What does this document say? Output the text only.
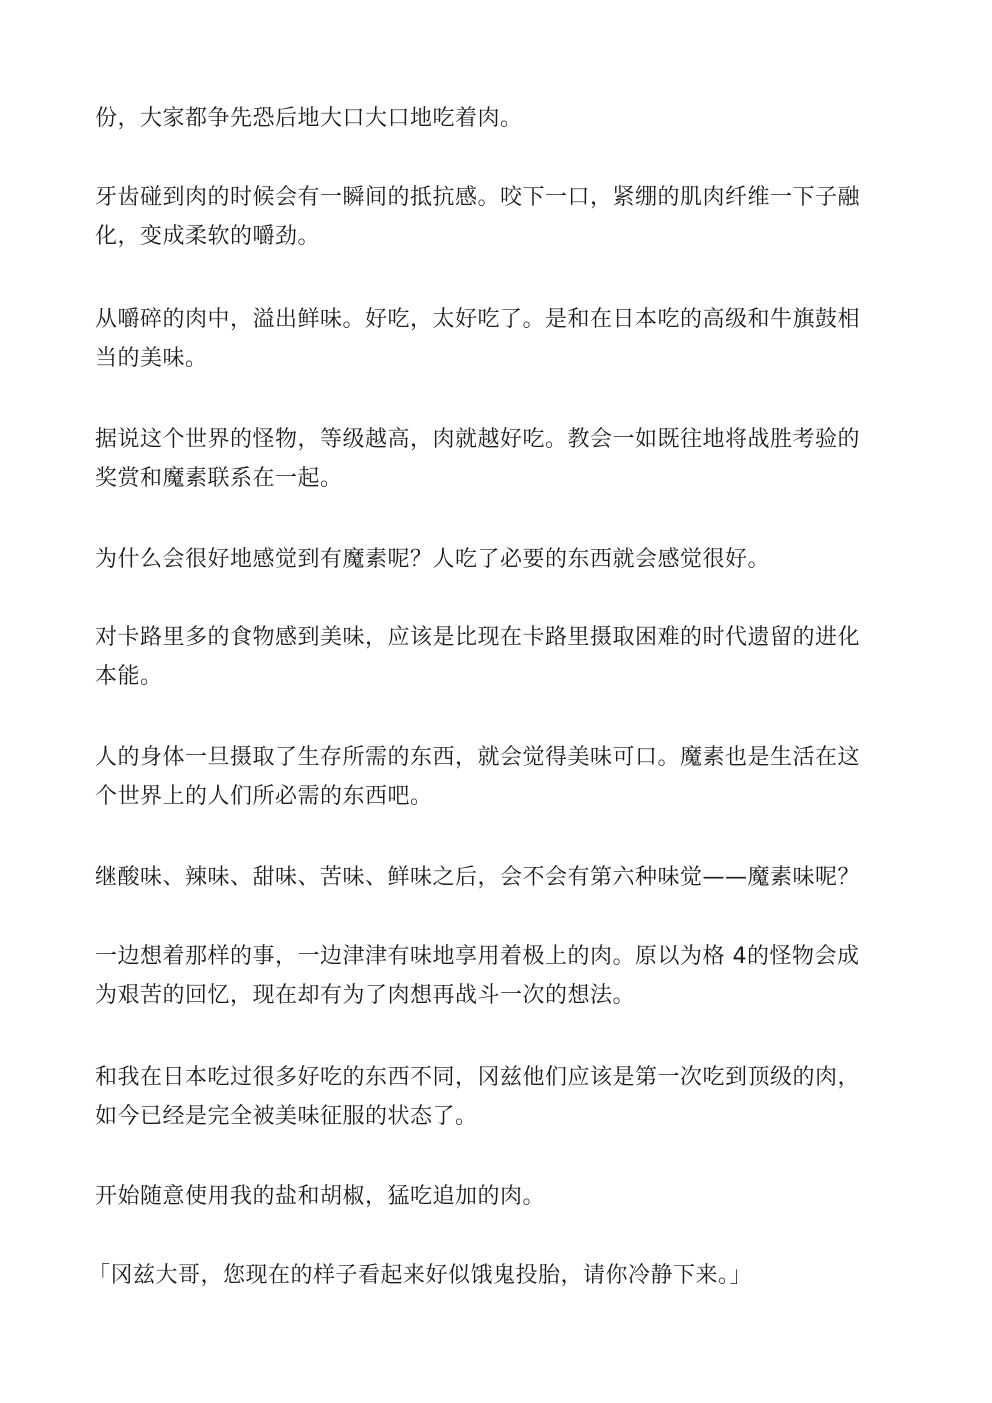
份，大家都争先恐后地大口大口地吃着肉。

牙齿碰到肉的时候会有一瞬间的抵抗感。咬下一口，紧绷的肌肉纤维一下子融
化，变成柔软的嚼劲。

从嚼碎的肉中，溢出鲜味。好吃，太好吃了。是和在日本吃的高级和牛旗鼓相
当的美味。

据说这个世界的怪物，等级越高，肉就越好吃。教会一如既往地将战胜考验的
奖赏和魔素联系在一起。

为什么会很好地感觉到有魔素呢？人吃了必要的东西就会感觉很好。

对卡路里多的食物感到美味，应该是比现在卡路里摄取困难的时代遗留的进化
本能。

人的身体一旦摄取了生存所需的东西，就会觉得美味可口。魔素也是生活在这
个世界上的人们所必需的东西吧。

继酸味、辣味、甜味、苦味、鲜味之后，会不会有第六种味觉——魔素味呢？

一边想着那样的事，一边津津有味地享用着极上的肉。原以为格 4的怪物会成
为艰苦的回忆，现在却有为了肉想再战斗一次的想法。

和我在日本吃过很多好吃的东西不同，冈兹他们应该是第一次吃到顶级的肉，
如今已经是完全被美味征服的状态了。

开始随意使用我的盐和胡椒，猛吃追加的肉。

「冈兹大哥，您现在的样子看起来好似饿鬼投胎，请你冷静下来。」
